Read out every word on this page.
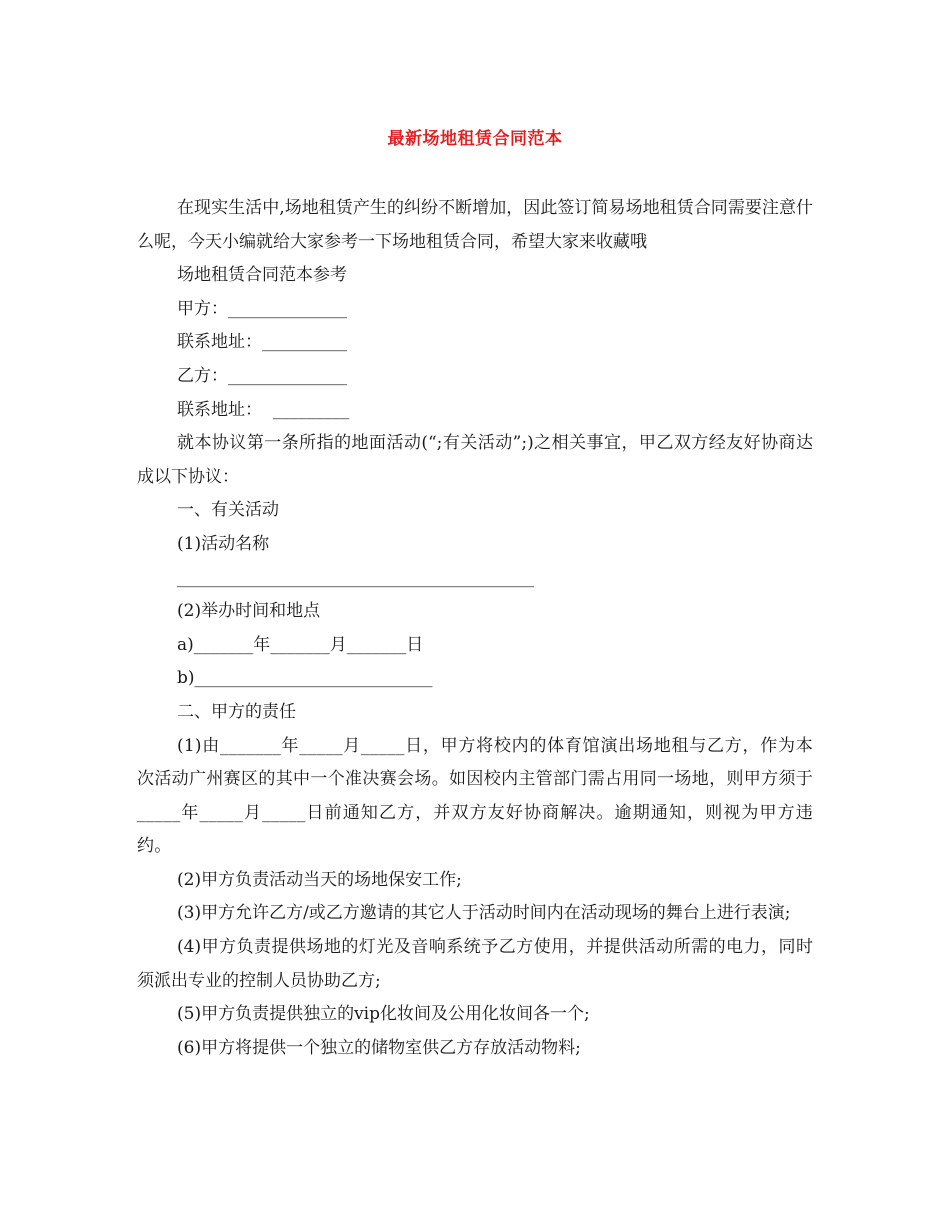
最新场地租赁合同范本

在现实生活中,场地租赁产生的纠纷不断增加，因此签订简易场地租赁合同需要注意什么呢，今天小编就给大家参考一下场地租赁合同，希望大家来收藏哦

场地租赁合同范本参考

甲方：______________

联系地址：__________

乙方：______________

联系地址：  _________

就本协议第一条所指的地面活动(“;有关活动”;)之相关事宜，甲乙双方经友好协商达成以下协议：

一、有关活动

(1)活动名称

__________________________________________

(2)举办时间和地点

a)_______年_______月_______日

b)____________________________

二、甲方的责任

(1)由_______年_____月_____日，甲方将校内的体育馆演出场地租与乙方，作为本次活动广州赛区的其中一个准决赛会场。如因校内主管部门需占用同一场地，则甲方须于_____年_____月_____日前通知乙方，并双方友好协商解决。逾期通知，则视为甲方违约。

(2)甲方负责活动当天的场地保安工作;

(3)甲方允许乙方/或乙方邀请的其它人于活动时间内在活动现场的舞台上进行表演;

(4)甲方负责提供场地的灯光及音响系统予乙方使用，并提供活动所需的电力，同时须派出专业的控制人员协助乙方;

(5)甲方负责提供独立的vip化妆间及公用化妆间各一个;

(6)甲方将提供一个独立的储物室供乙方存放活动物料;
